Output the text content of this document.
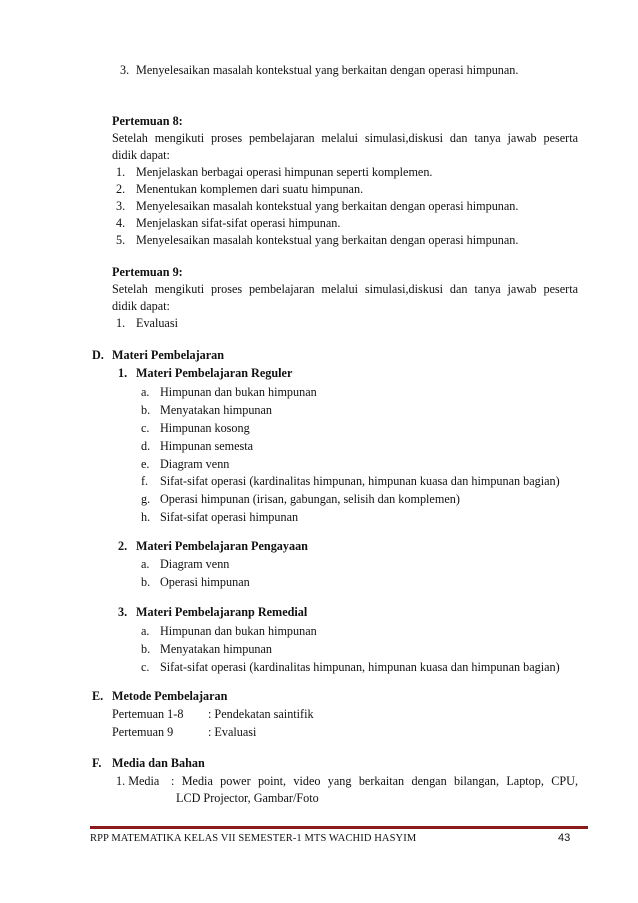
3. Menyelesaikan masalah kontekstual yang berkaitan dengan operasi himpunan.
Pertemuan 8:
Setelah mengikuti proses pembelajaran melalui simulasi,diskusi dan tanya jawab peserta
didik dapat:
1. Menjelaskan berbagai operasi himpunan seperti komplemen.
2. Menentukan komplemen dari suatu himpunan.
3. Menyelesaikan masalah kontekstual yang berkaitan dengan operasi himpunan.
4. Menjelaskan sifat-sifat operasi himpunan.
5. Menyelesaikan masalah kontekstual yang berkaitan dengan operasi himpunan.
Pertemuan 9:
Setelah mengikuti proses pembelajaran melalui simulasi,diskusi dan tanya jawab peserta
didik dapat:
1. Evaluasi
D. Materi Pembelajaran
1. Materi Pembelajaran Reguler
a. Himpunan dan bukan himpunan
b. Menyatakan himpunan
c. Himpunan kosong
d. Himpunan semesta
e. Diagram venn
f. Sifat-sifat operasi (kardinalitas himpunan, himpunan kuasa dan himpunan bagian)
g. Operasi himpunan (irisan, gabungan, selisih dan komplemen)
h. Sifat-sifat operasi himpunan
2. Materi Pembelajaran Pengayaan
a. Diagram venn
b. Operasi himpunan
3. Materi Pembelajaranp Remedial
a. Himpunan dan bukan himpunan
b. Menyatakan himpunan
c. Sifat-sifat operasi (kardinalitas himpunan, himpunan kuasa dan himpunan bagian)
E. Metode Pembelajaran
Pertemuan 1-8 : Pendekatan saintifik
Pertemuan 9	: Evaluasi
F. Media dan Bahan
1. Media : Media power point, video yang berkaitan dengan bilangan, Laptop, CPU,
LCD Projector, Gambar/Foto
RPP MATEMATIKA KELAS VII SEMESTER-1 MTS WACHID HASYIM	43
